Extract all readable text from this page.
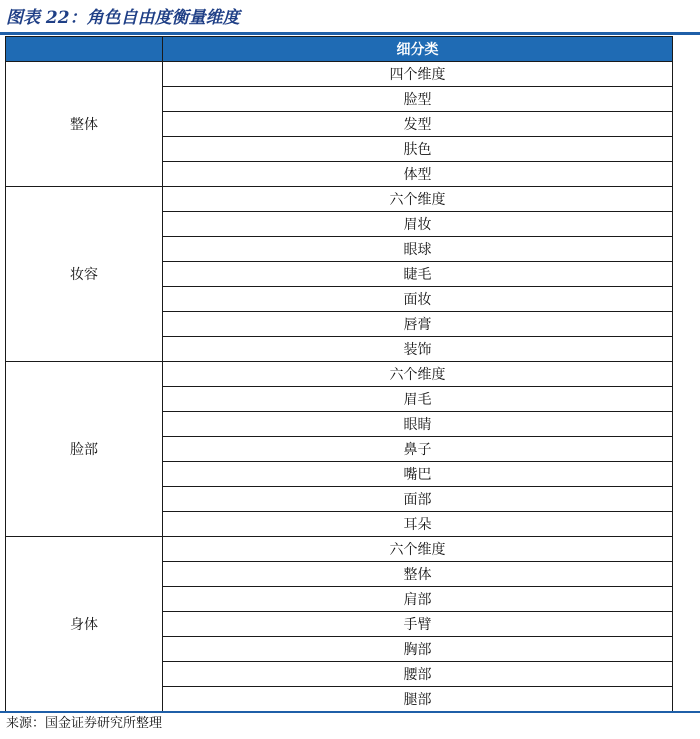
图表 22：角色自由度衡量维度
	细分类
整体	四个维度
	脸型
	发型
	肤色
	体型
妆容	六个维度
	眉妆
	眼球
	睫毛
	面妆
	唇膏
	装饰
脸部	六个维度
	眉毛
	眼睛
	鼻子
	嘴巴
	面部
	耳朵
身体	六个维度
	整体
	肩部
	手臂
	胸部
	腰部
	腿部
来源：国金证券研究所整理
